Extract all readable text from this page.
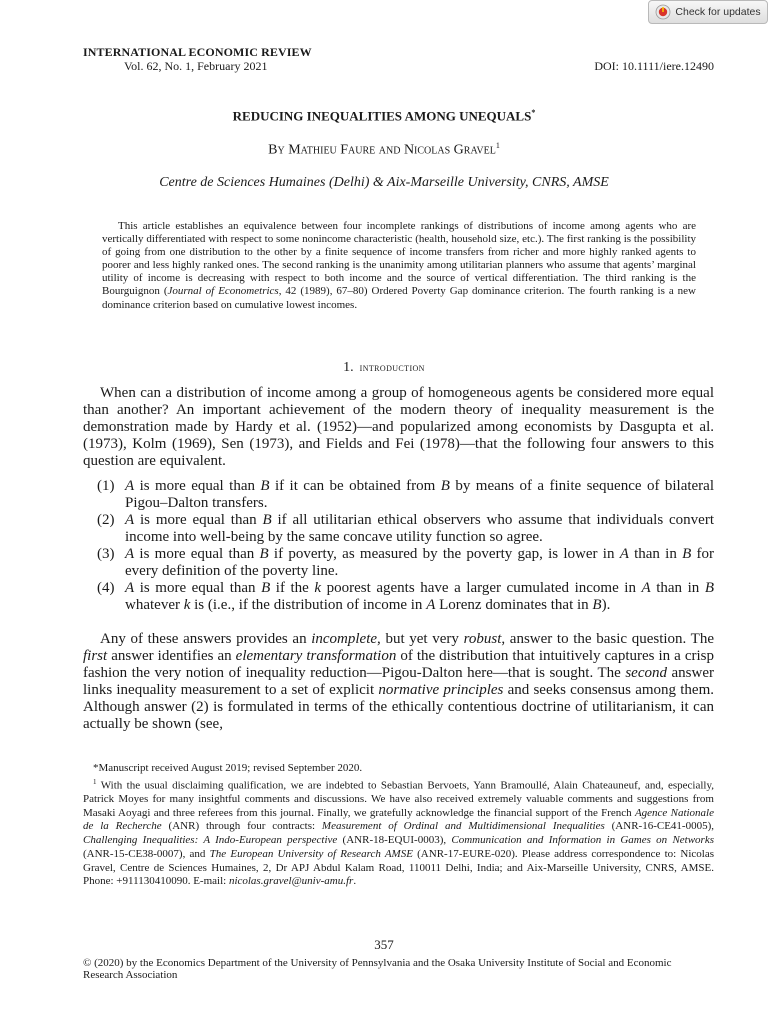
Check for updates
INTERNATIONAL ECONOMIC REVIEW
Vol. 62, No. 1, February 2021	DOI: 10.1111/iere.12490
REDUCING INEQUALITIES AMONG UNEQUALS*
By Mathieu Faure and Nicolas Gravel$^1$
Centre de Sciences Humaines (Delhi) & Aix-Marseille University, CNRS, AMSE

This article establishes an equivalence between four incomplete rankings of distributions of income among agents who are vertically differentiated with respect to some nonincome characteristic (health, household size, etc.). The first ranking is the possibility of going from one distribution to the other by a finite sequence of income transfers from richer and more highly ranked agents to poorer and less highly ranked ones. The second ranking is the unanimity among utilitarian planners who assume that agents’ marginal utility of income is decreasing with respect to both income and the source of vertical differentiation. The third ranking is the Bourguignon (Journal of Econometrics, 42 (1989), 67–80) Ordered Poverty Gap dominance criterion. The fourth ranking is a new dominance criterion based on cumulative lowest incomes.

1. introduction

When can a distribution of income among a group of homogeneous agents be considered more equal than another? An important achievement of the modern theory of inequality measurement is the demonstration made by Hardy et al. (1952)—and popularized among economists by Dasgupta et al. (1973), Kolm (1969), Sen (1973), and Fields and Fei (1978)—that the following four answers to this question are equivalent.

(1) A is more equal than B if it can be obtained from B by means of a finite sequence of bilateral Pigou–Dalton transfers.
(2) A is more equal than B if all utilitarian ethical observers who assume that individuals convert income into well-being by the same concave utility function so agree.
(3) A is more equal than B if poverty, as measured by the poverty gap, is lower in A than in B for every definition of the poverty line.
(4) A is more equal than B if the k poorest agents have a larger cumulated income in A than in B whatever k is (i.e., if the distribution of income in A Lorenz dominates that in B).

Any of these answers provides an incomplete, but yet very robust, answer to the basic question. The first answer identifies an elementary transformation of the distribution that intuitively captures in a crisp fashion the very notion of inequality reduction—Pigou-Dalton here—that is sought. The second answer links inequality measurement to a set of explicit normative principles and seeks consensus among them. Although answer (2) is formulated in terms of the ethically contentious doctrine of utilitarianism, it can actually be shown (see,

*Manuscript received August 2019; revised September 2020.

$^1$ With the usual disclaiming qualification, we are indebted to Sebastian Bervoets, Yann Bramoullé, Alain Chateauneuf, and, especially, Patrick Moyes for many insightful comments and discussions. We have also received extremely valuable comments and suggestions from Masaki Aoyagi and three referees from this journal. Finally, we gratefully acknowledge the financial support of the French Agence Nationale de la Recherche (ANR) through four contracts: Measurement of Ordinal and Multidimensional Inequalities (ANR-16-CE41-0005), Challenging Inequalities: A Indo-European perspective (ANR-18-EQUI-0003), Communication and Information in Games on Networks (ANR-15-CE38-0007), and The European University of Research AMSE (ANR-17-EURE-020). Please address correspondence to: Nicolas Gravel, Centre de Sciences Humaines, 2, Dr APJ Abdul Kalam Road, 110011 Delhi, India; and Aix-Marseille University, CNRS, AMSE. Phone: +911130410090. E-mail: nicolas.gravel@univ-amu.fr.

357
© (2020) by the Economics Department of the University of Pennsylvania and the Osaka University Institute of Social and Economic Research Association
